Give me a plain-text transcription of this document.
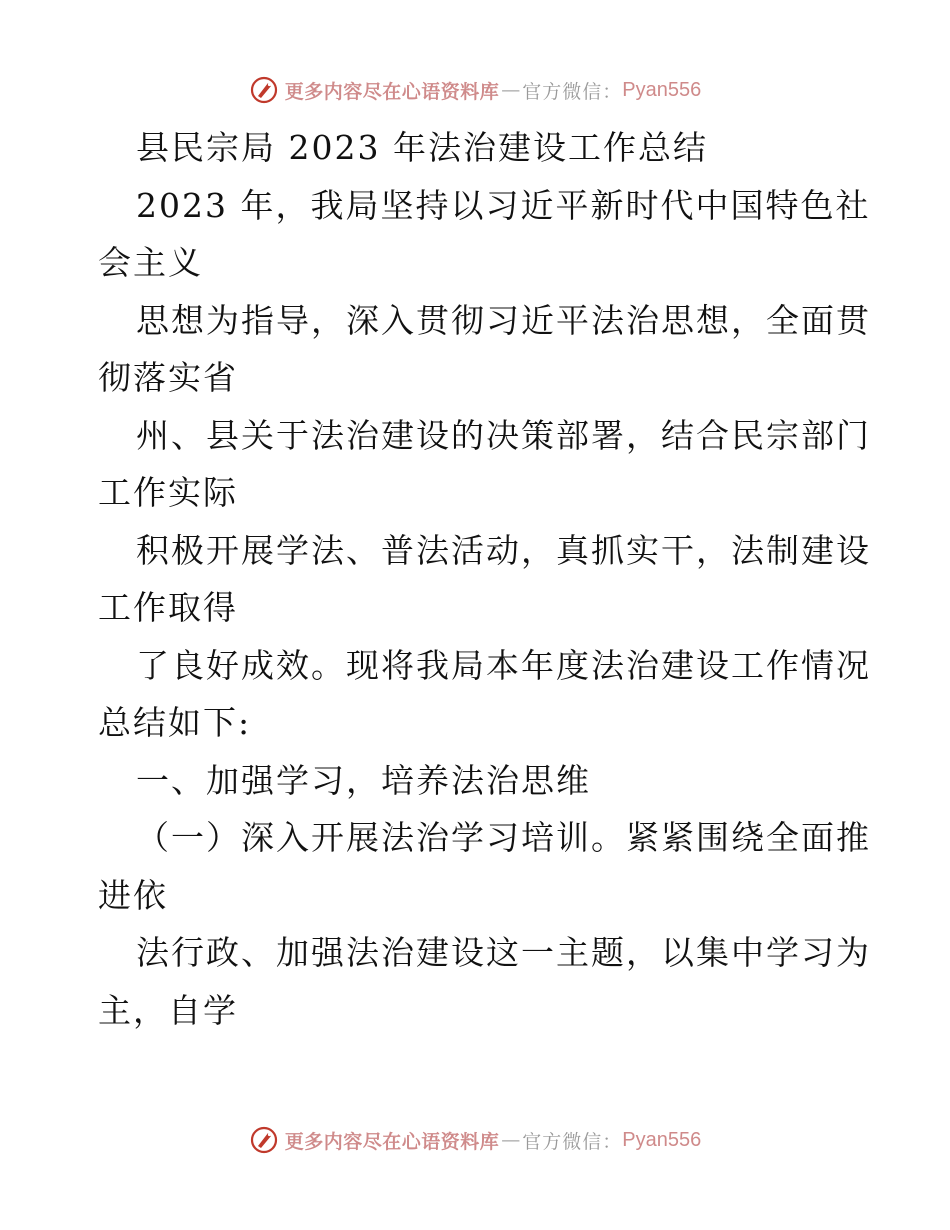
更多内容尽在心语资料库 — 官方微信： Pyan556
县民宗局 2023 年法治建设工作总结
2023 年，我局坚持以习近平新时代中国特色社
会主义
思想为指导，深入贯彻习近平法治思想，全面贯
彻落实省
州、县关于法治建设的决策部署，结合民宗部门
工作实际
积极开展学法、普法活动，真抓实干，法制建设
工作取得
了良好成效。现将我局本年度法治建设工作情况
总结如下:
一、加强学习，培养法治思维
（一）深入开展法治学习培训。紧紧围绕全面推
进依
法行政、加强法治建设这一主题，以集中学习为
主，自学
更多内容尽在心语资料库 — 官方微信： Pyan556
